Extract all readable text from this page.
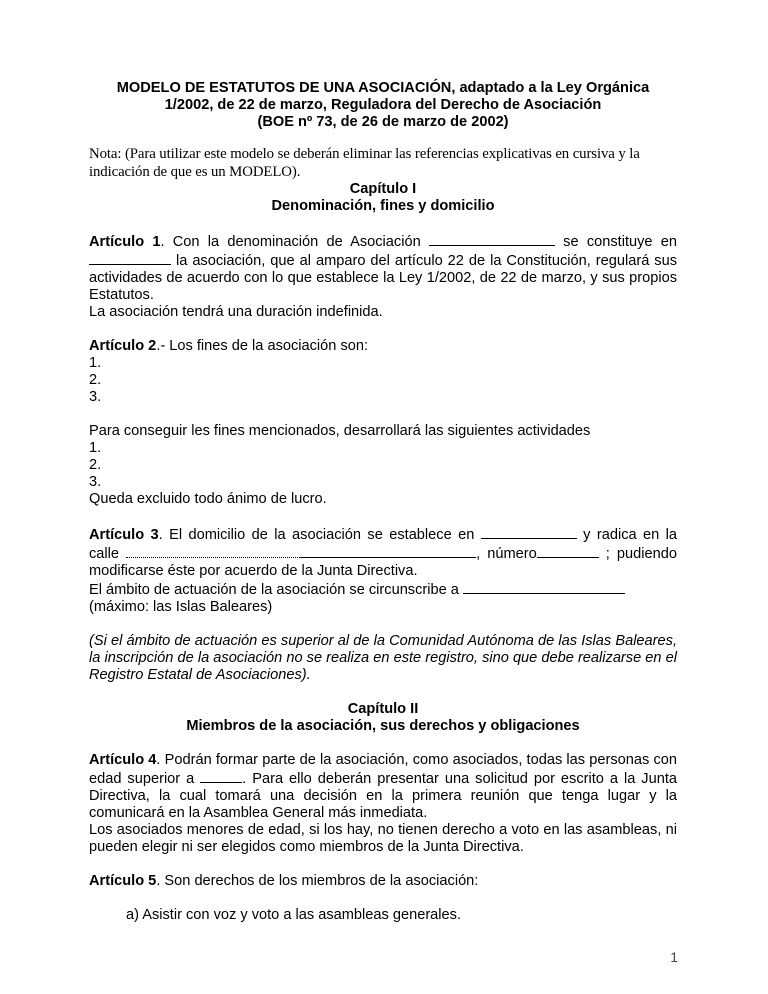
MODELO DE ESTATUTOS DE UNA ASOCIACIÓN, adaptado a la Ley Orgánica
1/2002, de 22 de marzo, Reguladora del Derecho de Asociación
(BOE nº 73, de 26 de marzo de 2002)

Nota: (Para utilizar este modelo se deberán eliminar las referencias explicativas en cursiva y la indicación de que es un MODELO).

Capítulo I
Denominación, fines y domicilio

Artículo 1. Con la denominación de Asociación	se constituye en  la asociación, que al amparo del artículo 22 de la Constitución, regulará sus actividades de acuerdo con lo que establece la Ley 1/2002, de 22 de marzo, y sus propios Estatutos.

La asociación tendrá una duración indefinida.

Artículo 2.- Los fines de la asociación son:

1.

2.

3.

Para conseguir les fines mencionados, desarrollará las siguientes actividades

1.

2.

3.

Queda excluido todo ánimo de lucro.

Artículo 3. El domicilio de la asociación se establece en	y radica en la calle	, número	; pudiendo modificarse éste por acuerdo de la Junta Directiva.

El ámbito de actuación de la asociación se circunscribe a

(máximo: las Islas Baleares)

(Si el ámbito de actuación es superior al de la Comunidad Autónoma de las Islas Baleares, la inscripción de la asociación no se realiza en este registro, sino que debe realizarse en el Registro Estatal de Asociaciones).

Capítulo II
Miembros de la asociación, sus derechos y obligaciones

Artículo 4. Podrán formar parte de la asociación, como asociados, todas las personas con edad superior a	. Para ello deberán presentar una solicitud por escrito a la Junta Directiva, la cual tomará una decisión en la primera reunión que tenga lugar y la comunicará en la Asamblea General más inmediata.

Los asociados menores de edad, si los hay, no tienen derecho a voto en las asambleas, ni pueden elegir ni ser elegidos como miembros de la Junta Directiva.

Artículo 5. Son derechos de los miembros de la asociación:

a) Asistir con voz y voto a las asambleas generales.

1
